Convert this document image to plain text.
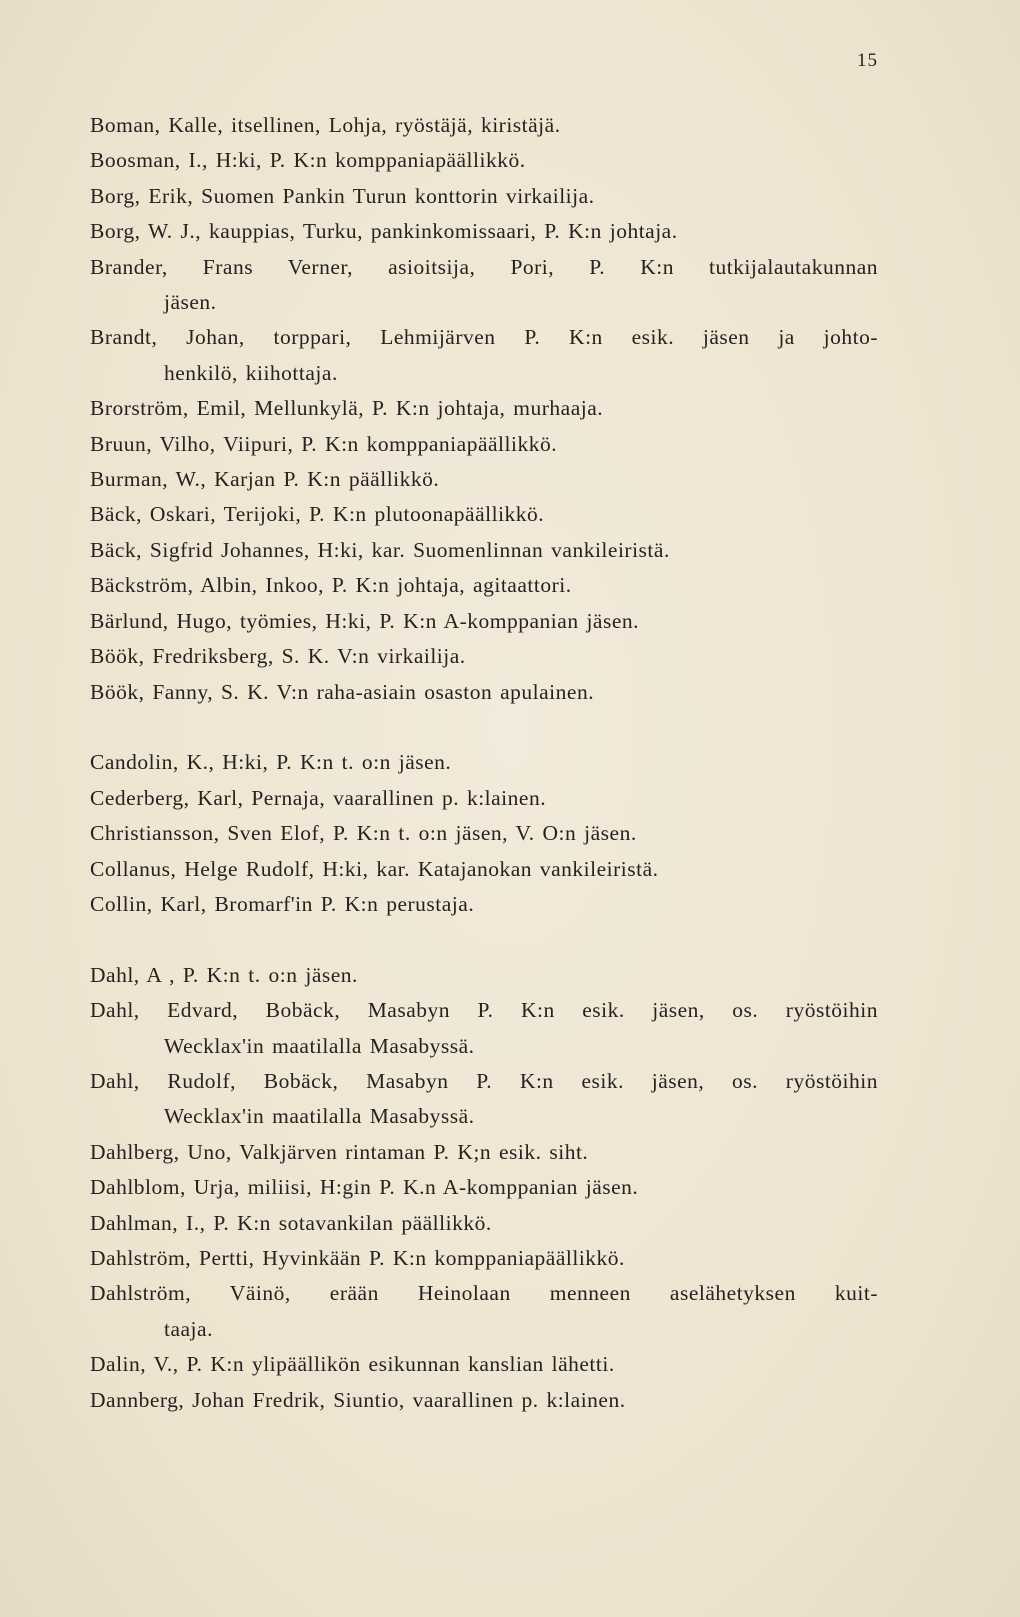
15
Boman, Kalle, itsellinen, Lohja, ryöstäjä, kiristäjä.
Boosman, I., H:ki, P. K:n komppaniapäällikkö.
Borg, Erik, Suomen Pankin Turun konttorin virkailija.
Borg, W. J., kauppias, Turku, pankinkomissaari, P. K:n johtaja.
Brander, Frans Verner, asioitsija, Pori, P. K:n tutkijalautakunnan
jäsen.
Brandt, Johan, torppari, Lehmijärven P. K:n esik. jäsen ja johto-
henkilö, kiihottaja.
Brorström, Emil, Mellunkylä, P. K:n johtaja, murhaaja.
Bruun, Vilho, Viipuri, P. K:n komppaniapäällikkö.
Burman, W., Karjan P. K:n päällikkö.
Bäck, Oskari, Terijoki, P. K:n plutoonapäällikkö.
Bäck, Sigfrid Johannes, H:ki, kar. Suomenlinnan vankileiristä.
Bäckström, Albin, Inkoo, P. K:n johtaja, agitaattori.
Bärlund, Hugo, työmies, H:ki, P. K:n A-komppanian jäsen.
Böök, Fredriksberg, S. K. V:n virkailija.
Böök, Fanny, S. K. V:n raha-asiain osaston apulainen.
Candolin, K., H:ki, P. K:n t. o:n jäsen.
Cederberg, Karl, Pernaja, vaarallinen p. k:lainen.
Christiansson, Sven Elof, P. K:n t. o:n jäsen, V. O:n jäsen.
Collanus, Helge Rudolf, H:ki, kar. Katajanokan vankileiristä.
Collin, Karl, Bromarf'in P. K:n perustaja.
Dahl, A , P. K:n t. o:n jäsen.
Dahl, Edvard, Bobäck, Masabyn P. K:n esik. jäsen, os. ryöstöihin
Wecklax'in maatilalla Masabyssä.
Dahl, Rudolf, Bobäck, Masabyn P. K:n esik. jäsen, os. ryöstöihin
Wecklax'in maatilalla Masabyssä.
Dahlberg, Uno, Valkjärven rintaman P. K;n esik. siht.
Dahlblom, Urja, miliisi, H:gin P. K.n A-komppanian jäsen.
Dahlman, I., P. K:n sotavankilan päällikkö.
Dahlström, Pertti, Hyvinkään P. K:n komppaniapäällikkö.
Dahlström, Väinö, erään Heinolaan menneen aselähetyksen kuit-
taaja.
Dalin, V., P. K:n ylipäällikön esikunnan kanslian lähetti.
Dannberg, Johan Fredrik, Siuntio, vaarallinen p. k:lainen.
